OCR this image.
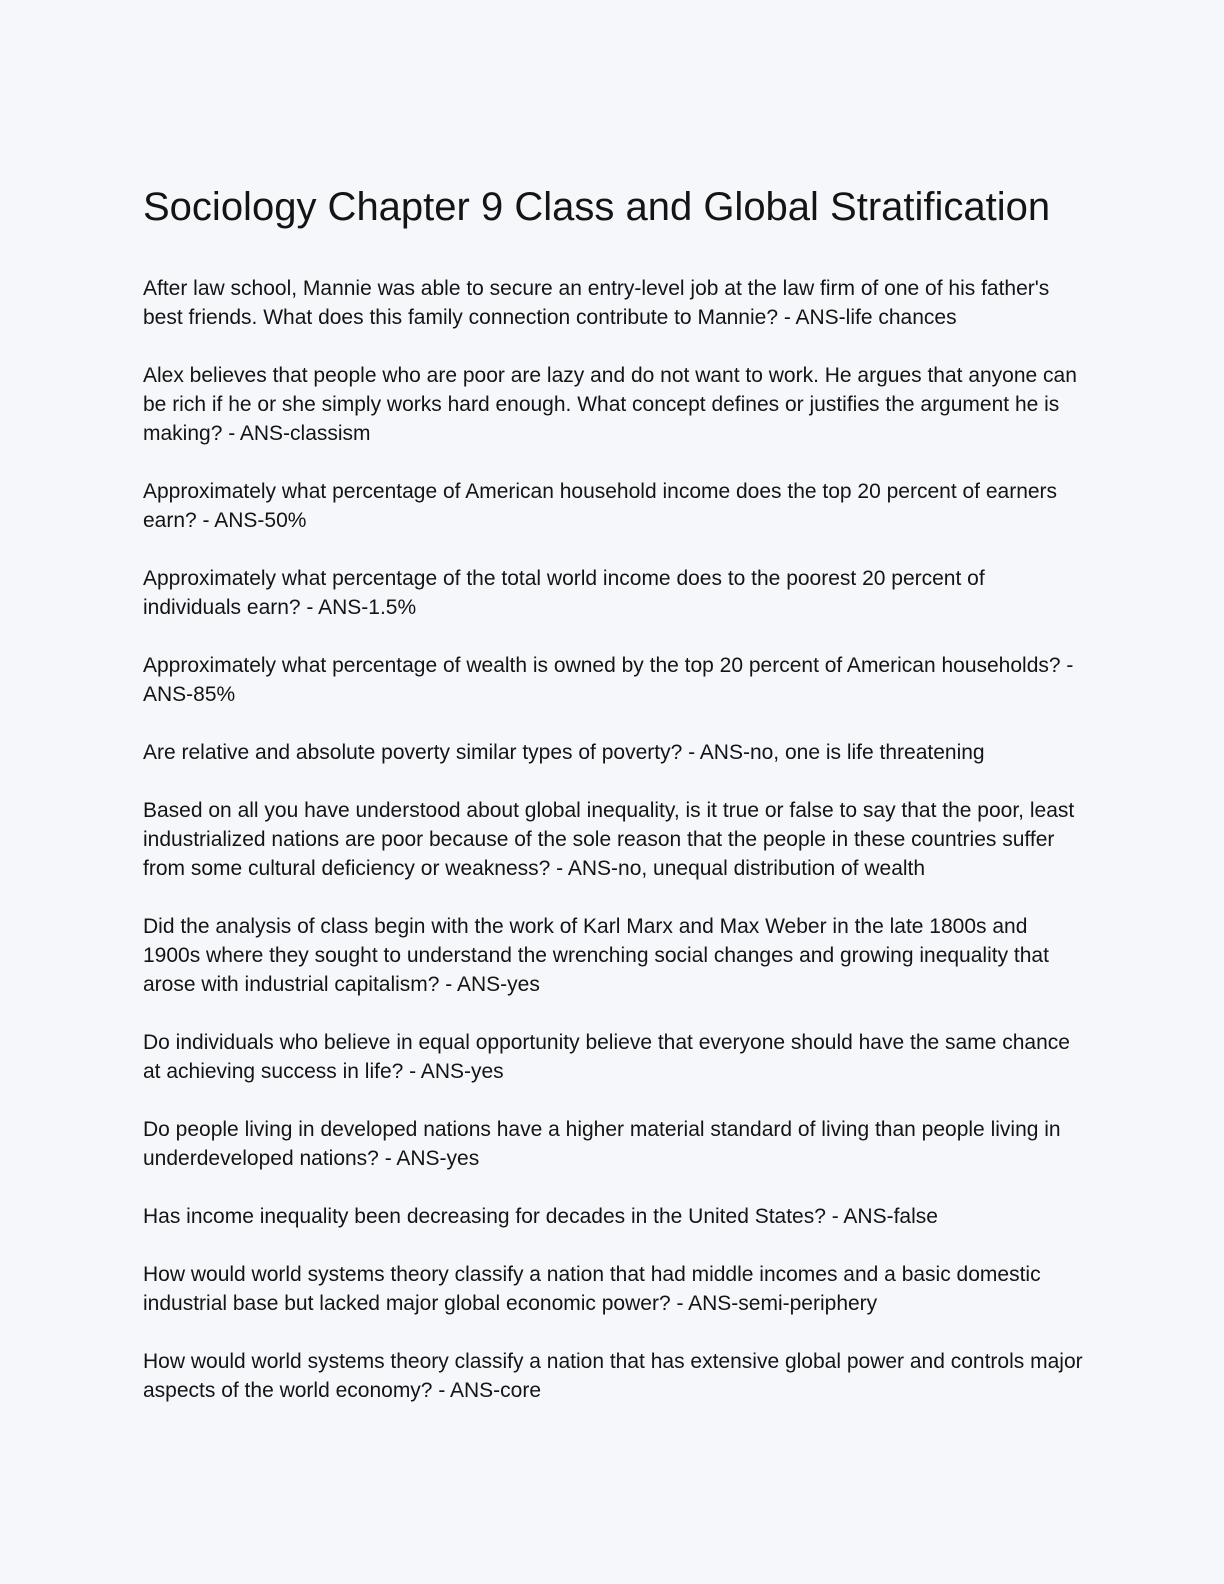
Sociology Chapter 9 Class and Global Stratification
After law school, Mannie was able to secure an entry-level job at the law firm of one of his father's best friends. What does this family connection contribute to Mannie? - ANS-life chances
Alex believes that people who are poor are lazy and do not want to work. He argues that anyone can be rich if he or she simply works hard enough. What concept defines or justifies the argument he is making? - ANS-classism
Approximately what percentage of American household income does the top 20 percent of earners earn? - ANS-50%
Approximately what percentage of the total world income does to the poorest 20 percent of individuals earn? - ANS-1.5%
Approximately what percentage of wealth is owned by the top 20 percent of American households? - ANS-85%
Are relative and absolute poverty similar types of poverty? - ANS-no, one is life threatening
Based on all you have understood about global inequality, is it true or false to say that the poor, least industrialized nations are poor because of the sole reason that the people in these countries suffer from some cultural deficiency or weakness? - ANS-no, unequal distribution of wealth
Did the analysis of class begin with the work of Karl Marx and Max Weber in the late 1800s and 1900s where they sought to understand the wrenching social changes and growing inequality that arose with industrial capitalism? - ANS-yes
Do individuals who believe in equal opportunity believe that everyone should have the same chance at achieving success in life? - ANS-yes
Do people living in developed nations have a higher material standard of living than people living in underdeveloped nations? - ANS-yes
Has income inequality been decreasing for decades in the United States? - ANS-false
How would world systems theory classify a nation that had middle incomes and a basic domestic industrial base but lacked major global economic power? - ANS-semi-periphery
How would world systems theory classify a nation that has extensive global power and controls major aspects of the world economy? - ANS-core
